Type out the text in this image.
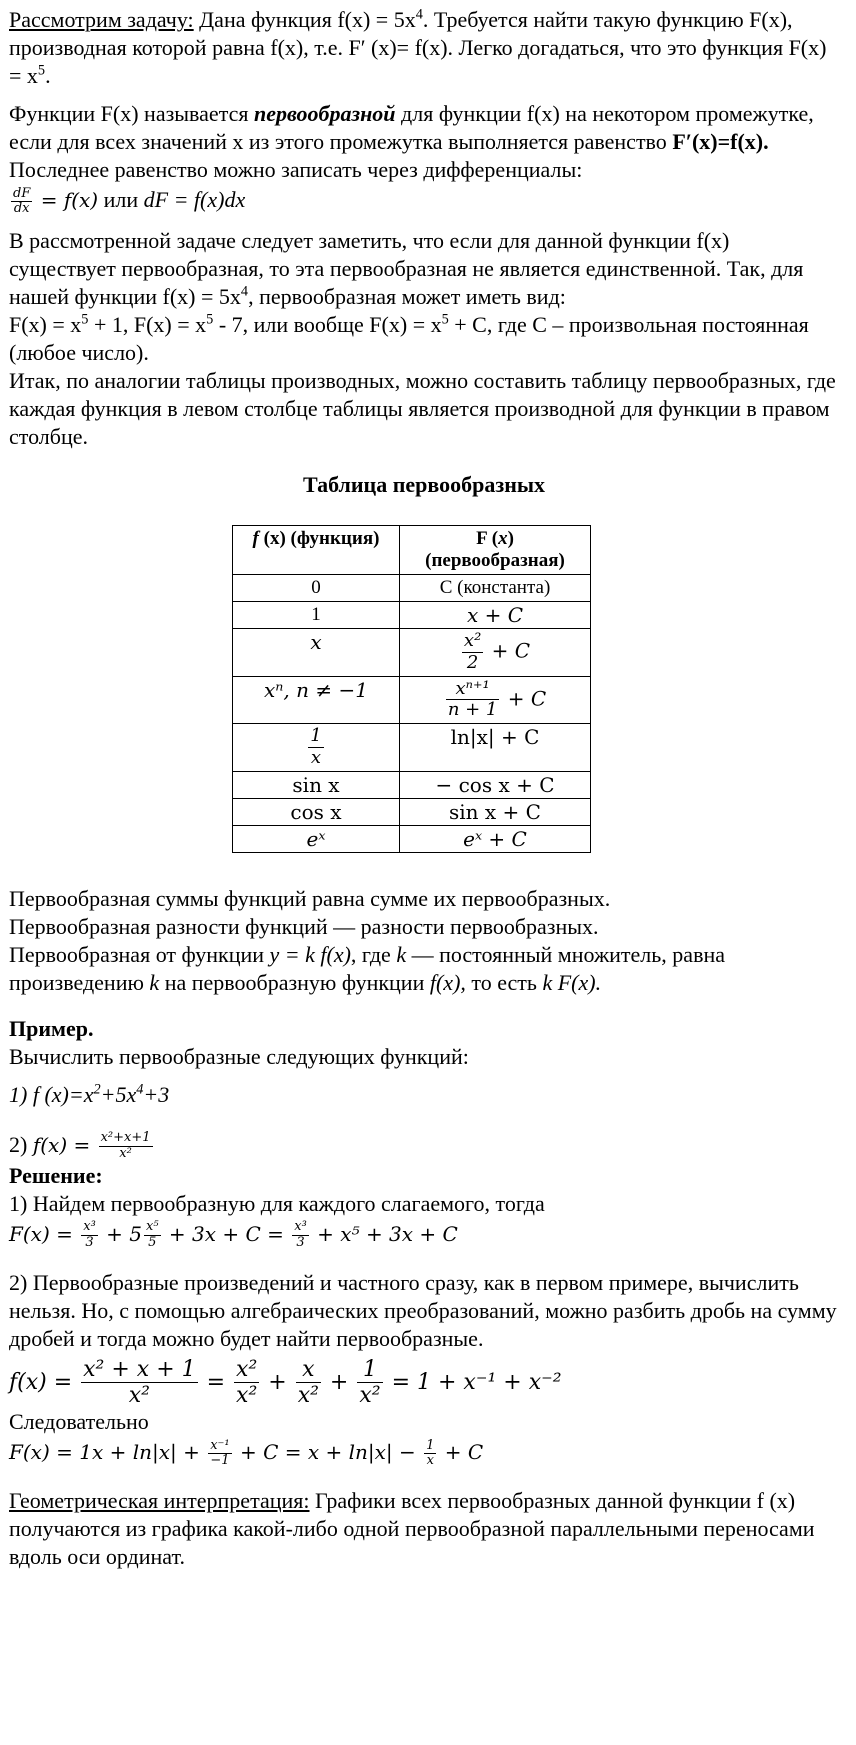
Рассмотрим задачу: Дана функция $f(x) = 5x^4$. Требуется найти такую функцию F(x), производная которой равна f(x), т.е. F′ (x)= f(x). Легко догадаться, что это функция $F(x) = x^5$.

Функции F(x) называется первообразной для функции f(x) на некотором промежутке, если для всех значений x из этого промежутка выполняется равенство F′(x)=f(x).

Последнее равенство можно записать через дифференциалы:

$\frac{dF}{dx} = f(x)$ или dF = f(x)dx

В рассмотренной задаче следует заметить, что если для данной функции f(x) существует первообразная, то эта первообразная не является единственной. Так, для нашей функции $f(x) = 5x^4$, первообразная может иметь вид:

$F(x) = x^5 + 1$, $F(x) = x^5 - 7$, или вообще $F(x) = x^5 + C$, где C – произвольная постоянная (любое число).

Итак, по аналогии таблицы производных, можно составить таблицу первообразных, где каждая функция в левом столбце таблицы является производной для функции в правом столбце.

Таблица первообразных

f (x) (функция)	F (x)
(первообразная)
0	C (константа)
1	x + C
x	$\frac{\text{x²}}{2} + C$
xⁿ, n ≠ −1	$\frac{\text{xⁿ⁺¹}}{n + 1} + C$

$\frac{1}{x}$	ln|x| + C
sin x	− cos x + C
cos x	sin x + C
eˣ	eˣ + C

Первообразная суммы функций равна сумме их первообразных.

Первообразная разности функций — разности первообразных.

Первообразная от функции y = k f(x), где k — постоянный множитель, равна произведению k на первообразную функции f(x), то есть k F(x).

Пример.

Вычислить первообразные следующих функций:

1) f $(x)=x^2+5x^4+3$

2) $f(x) = \frac{\text{x²+x+1}}{\text{x²}}$

Решение:

1) Найдем первообразную для каждого слагаемого, тогда

$F(x) = \frac{\text{x³}}{3} + 5 \frac{\text{x⁵}}{5} + 3x + C = \frac{\text{x³}}{3} + x^5 + 3x + C$

2) Первообразные произведений и частного сразу, как в первом примере, вычислить нельзя. Но, с помощью алгебраических преобразований, можно разбить дробь на сумму дробей и тогда можно будет найти первообразные.

$f(x) = \frac{\text{x² + x + 1}}{\text{x²}} = \frac{\text{x²}}{\text{x²}} + \frac{x}{\text{x²}} + \frac{1}{\text{x²}} = 1 + x^{-1} + x^{-2}$

Следовательно

$F(x) = 1x + \ln|x| + \frac{\text{x⁻¹}}{-1} + C = x + \ln|x| - \frac{1}{x} + C$

Геометрическая интерпретация: Графики всех первообразных данной функции f (x) получаются из графика какой-либо одной первообразной параллельными переносами вдоль оси ординат.
